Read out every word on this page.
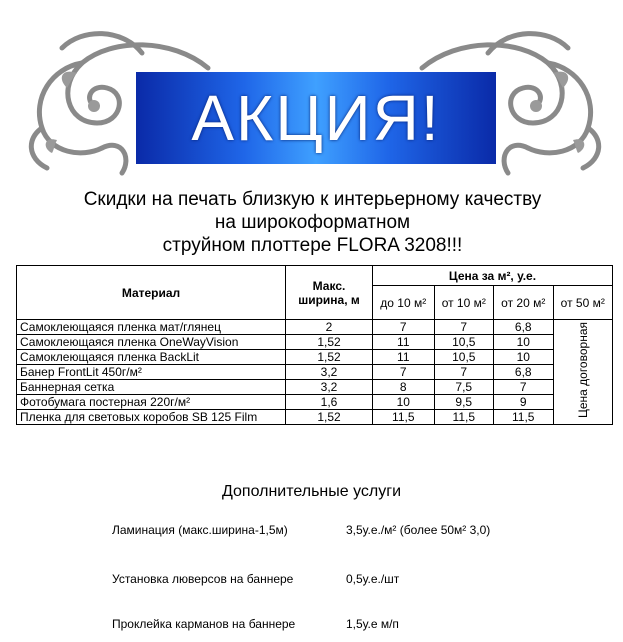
АКЦИЯ!
Скидки на печать близкую к интерьерному качеству
на широкоформатном
струйном плоттере FLORA 3208!!!
Материал	Макс. ширина, м	Цена за м², у.е.			
		до 10 м²	от 10 м²	от 20 м²	от 50 м²
Самоклеющаяся пленка мат/глянец	2	7	7	6,8	Цена договорная
Самоклеющаяся пленка OneWayVision	1,52	11	10,5	10	
Самоклеющаяся пленка BackLit	1,52	11	10,5	10	
Банер FrontLit 450г/м²	3,2	7	7	6,8	
Баннерная сетка	3,2	8	7,5	7	
Фотобумага постерная 220г/м²	1,6	10	9,5	9	
Пленка для световых коробов SB 125 Film	1,52	11,5	11,5	11,5	
Дополнительные услуги
Ламинация (макс.ширина-1,5м)	3,5у.е./м² (более 50м² 3,0)
Установка люверсов на баннере	0,5у.е./шт
Проклейка карманов на баннере	1,5у.е м/п
